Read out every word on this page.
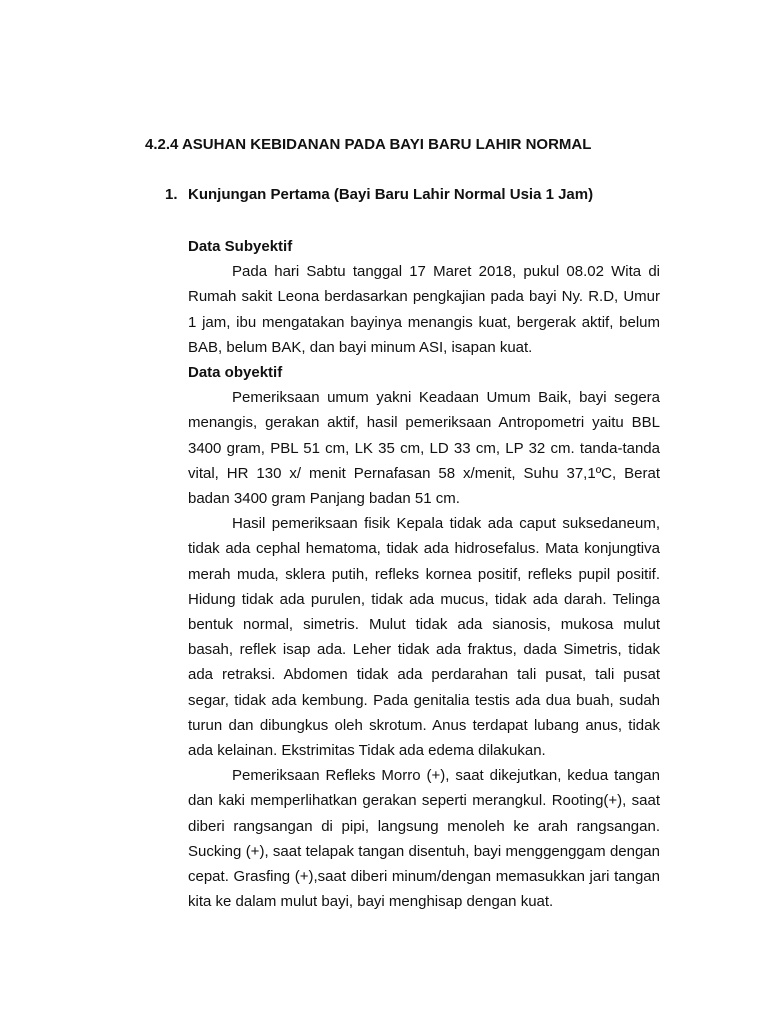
4.2.4 ASUHAN KEBIDANAN PADA BAYI BARU LAHIR NORMAL
1. Kunjungan Pertama (Bayi Baru Lahir Normal Usia 1 Jam)

Data Subyektif

Pada hari Sabtu tanggal 17 Maret 2018, pukul 08.02 Wita di Rumah sakit Leona berdasarkan pengkajian pada bayi Ny. R.D, Umur 1 jam, ibu mengatakan bayinya menangis kuat, bergerak aktif, belum BAB, belum BAK, dan bayi minum ASI, isapan kuat.

Data obyektif

Pemeriksaan umum yakni Keadaan Umum Baik, bayi segera menangis, gerakan aktif, hasil pemeriksaan Antropometri yaitu BBL 3400 gram, PBL 51 cm, LK 35 cm, LD 33 cm, LP 32 cm. tanda-tanda vital, HR 130 x/ menit Pernafasan 58 x/menit, Suhu 37,1ºC, Berat badan 3400 gram Panjang badan 51 cm.

Hasil pemeriksaan fisik Kepala tidak ada caput suksedaneum, tidak ada cephal hematoma, tidak ada hidrosefalus. Mata konjungtiva merah muda, sklera putih, refleks kornea positif, refleks pupil positif. Hidung tidak ada purulen, tidak ada mucus, tidak ada darah. Telinga bentuk normal, simetris. Mulut tidak ada sianosis, mukosa mulut basah, reflek isap ada. Leher tidak ada fraktus, dada Simetris, tidak ada retraksi. Abdomen tidak ada perdarahan tali pusat, tali pusat segar, tidak ada kembung. Pada genitalia testis ada dua buah, sudah turun dan dibungkus oleh skrotum. Anus terdapat lubang anus, tidak ada kelainan. Ekstrimitas Tidak ada edema dilakukan.

Pemeriksaan Refleks Morro (+), saat dikejutkan, kedua tangan dan kaki memperlihatkan gerakan seperti merangkul. Rooting(+), saat diberi rangsangan di pipi, langsung menoleh ke arah rangsangan. Sucking (+), saat telapak tangan disentuh, bayi menggenggam dengan cepat. Grasfing (+),saat diberi minum/dengan memasukkan jari tangan kita ke dalam mulut bayi, bayi menghisap dengan kuat.
